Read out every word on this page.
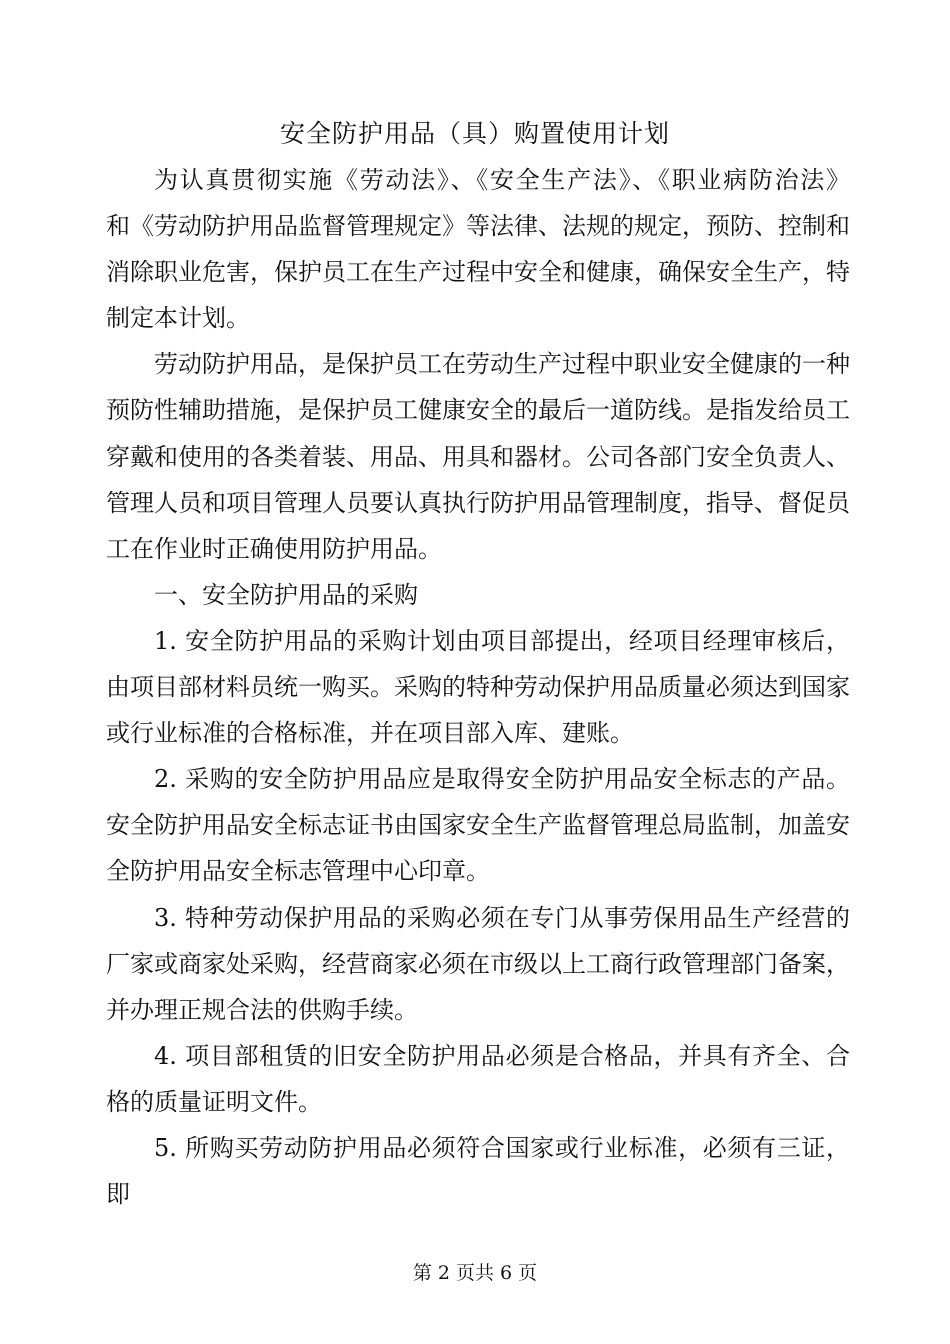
安全防护用品（具）购置使用计划
为认真贯彻实施《劳动法》、《安全生产法》、《职业病防治法》
和《劳动防护用品监督管理规定》等法律、法规的规定，预防、控制和
消除职业危害，保护员工在生产过程中安全和健康，确保安全生产，特
制定本计划。
劳动防护用品，是保护员工在劳动生产过程中职业安全健康的一种
预防性辅助措施，是保护员工健康安全的最后一道防线。是指发给员工
穿戴和使用的各类着装、用品、用具和器材。公司各部门安全负责人、
管理人员和项目管理人员要认真执行防护用品管理制度，指导、督促员
工在作业时正确使用防护用品。
一、安全防护用品的采购
1. 安全防护用品的采购计划由项目部提出，经项目经理审核后，
由项目部材料员统一购买。采购的特种劳动保护用品质量必须达到国家
或行业标准的合格标准，并在项目部入库、建账。
2. 采购的安全防护用品应是取得安全防护用品安全标志的产品。
安全防护用品安全标志证书由国家安全生产监督管理总局监制，加盖安
全防护用品安全标志管理中心印章。
3. 特种劳动保护用品的采购必须在专门从事劳保用品生产经营的
厂家或商家处采购，经营商家必须在市级以上工商行政管理部门备案，
并办理正规合法的供购手续。
4. 项目部租赁的旧安全防护用品必须是合格品，并具有齐全、合
格的质量证明文件。
5. 所购买劳动防护用品必须符合国家或行业标准，必须有三证，
即
第 2 页共 6 页
